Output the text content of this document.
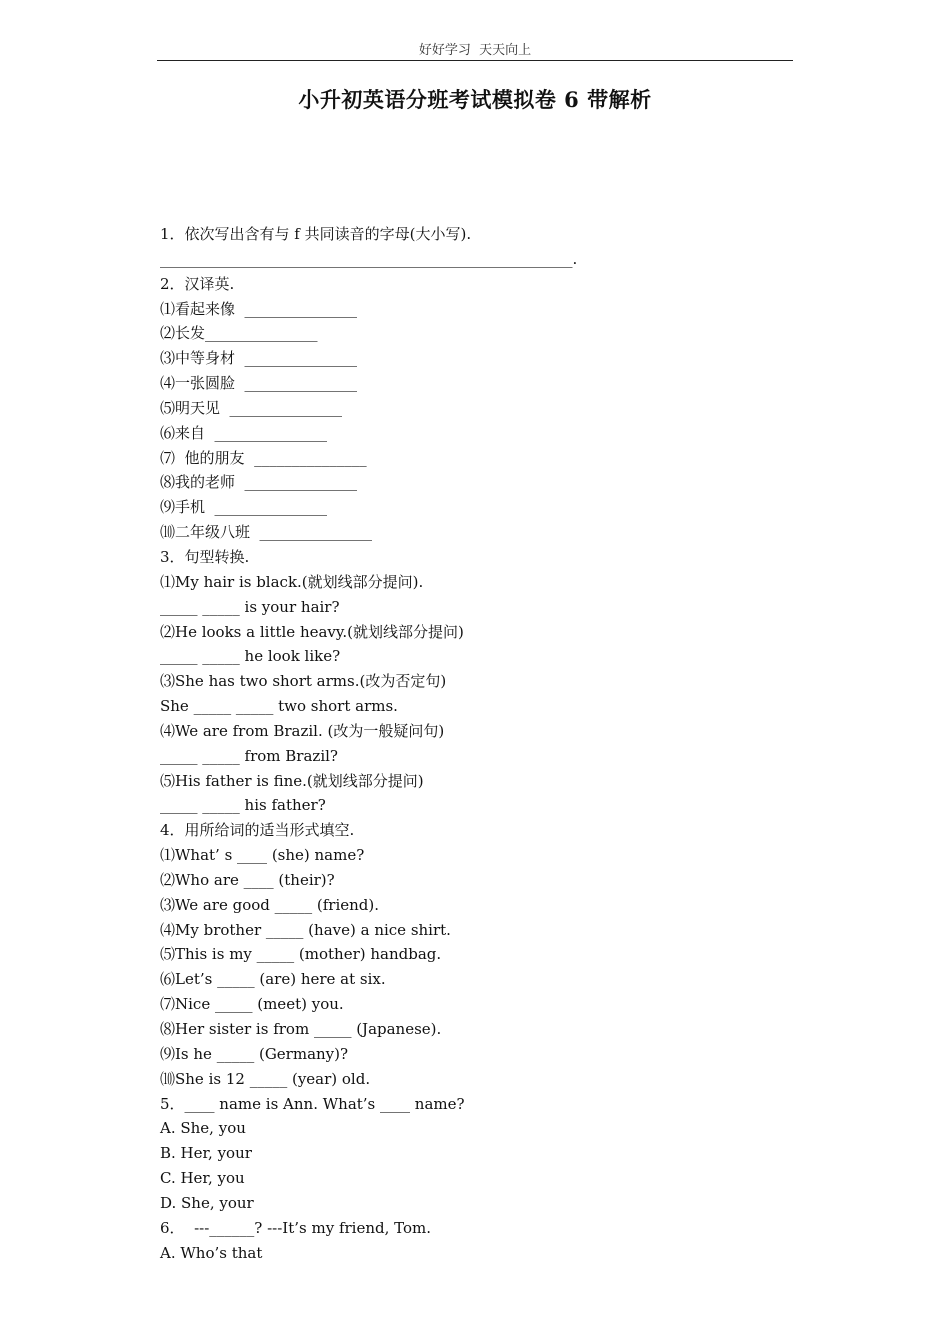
好好学习  天天向上
小升初英语分班考试模拟卷 6 带解析
1．依次写出含有与 f 共同读音的字母(大小写).
_______________________________________________________.
2．汉译英.
⑴看起来像  _______________
⑵长发_______________
⑶中等身材  _______________
⑷一张圆脸  _______________
⑸明天见  _______________
⑹来自  _______________
⑺  他的朋友  _______________
⑻我的老师  _______________
⑼手机  _______________
⑽二年级八班  _______________
3．句型转换.
⑴My hair is black.(就划线部分提问).
_____ _____ is your hair?
⑵He looks a little heavy.(就划线部分提问)
_____ _____ he look like?
⑶She has two short arms.(改为否定句)
She _____ _____ two short arms.
⑷We are from Brazil. (改为一般疑问句)
_____ _____ from Brazil?
⑸His father is fine.(就划线部分提问)
_____ _____ his father?
4．用所给词的适当形式填空.
⑴What’ s ____ (she) name?
⑵Who are ____ (their)?
⑶We are good _____ (friend).
⑷My brother _____ (have) a nice shirt.
⑸This is my _____ (mother) handbag.
⑹Let’s _____ (are) here at six.
⑺Nice _____ (meet) you.
⑻Her sister is from _____ (Japanese).
⑼Is he _____ (Germany)?
⑽She is 12 _____ (year) old.
5．____ name is Ann. What’s ____ name?
A. She, you
B. Her, your
C. Her, you
D. She, your
6．  ---______? ---It’s my friend, Tom.
A. Who’s that
